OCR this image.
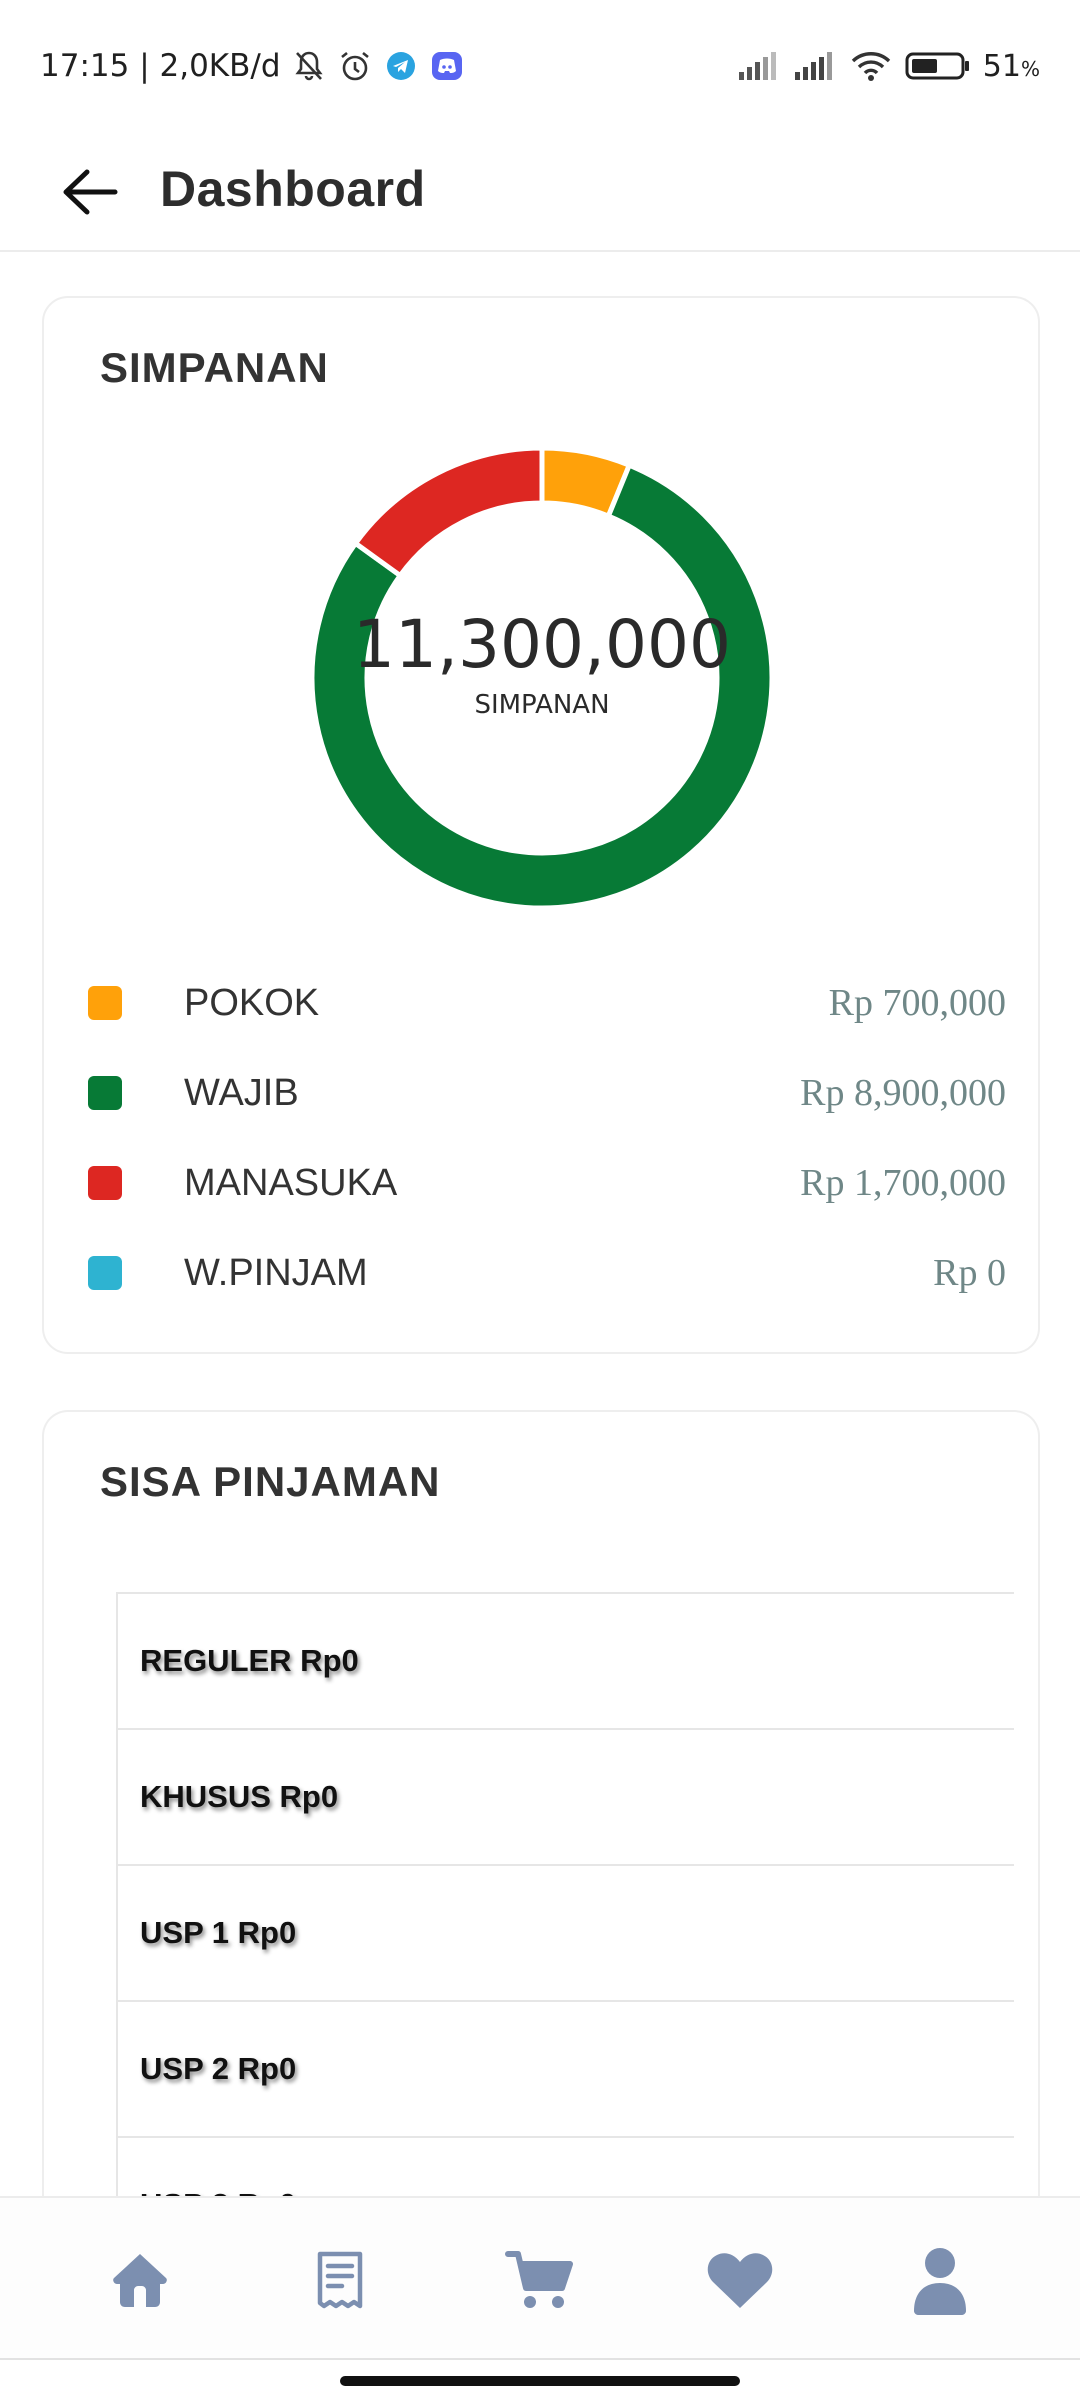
17:15 | 2,0KB/d	51%
Dashboard
SIMPANAN
11,300,000
SIMPANAN
POKOK	Rp 700,000
WAJIB	Rp 8,900,000
MANASUKA	Rp 1,700,000
W.PINJAM	Rp 0
SISA PINJAMAN
REGULER Rp0
KHUSUS Rp0
USP 1 Rp0
USP 2 Rp0
